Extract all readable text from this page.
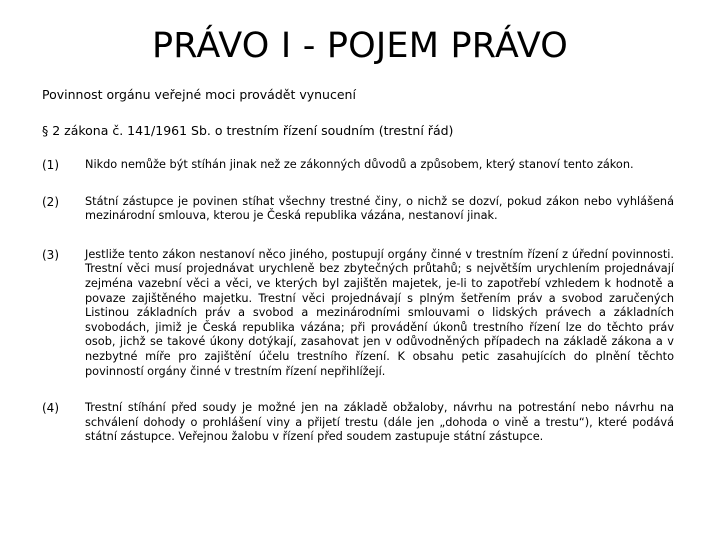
PRÁVO I - POJEM PRÁVO

Povinnost orgánu veřejné moci provádět vynucení

§ 2 zákona č. 141/1961 Sb. o trestním řízení soudním (trestní řád)

(1)	Nikdo nemůže být stíhán jinak než ze zákonných důvodů a způsobem, který stanoví tento zákon.

(2)	Státní zástupce je povinen stíhat všechny trestné činy, o nichž se dozví, pokud zákon nebo vyhlášená mezinárodní smlouva, kterou je Česká republika vázána, nestanoví jinak.

(3)	Jestliže tento zákon nestanoví něco jiného, postupují orgány činné v trestním řízení z úřední povinnosti. Trestní věci musí projednávat urychleně bez zbytečných průtahů; s největším urychlením projednávají zejména vazební věci a věci, ve kterých byl zajištěn majetek, je-li to zapotřebí vzhledem k hodnotě a povaze zajištěného majetku. Trestní věci projednávají s plným šetřením práv a svobod zaručených Listinou základních práv a svobod a mezinárodními smlouvami o lidských právech a základních svobodách, jimiž je Česká republika vázána; při provádění úkonů trestního řízení lze do těchto práv osob, jichž se takové úkony dotýkají, zasahovat jen v odůvodněných případech na základě zákona a v nezbytné míře pro zajištění účelu trestního řízení. K obsahu petic zasahujících do plnění těchto povinností orgány činné v trestním řízení nepřihlížejí.

(4)	Trestní stíhání před soudy je možné jen na základě obžaloby, návrhu na potrestání nebo návrhu na schválení dohody o prohlášení viny a přijetí trestu (dále jen „dohoda o vině a trestu“), které podává státní zástupce. Veřejnou žalobu v řízení před soudem zastupuje státní zástupce.
